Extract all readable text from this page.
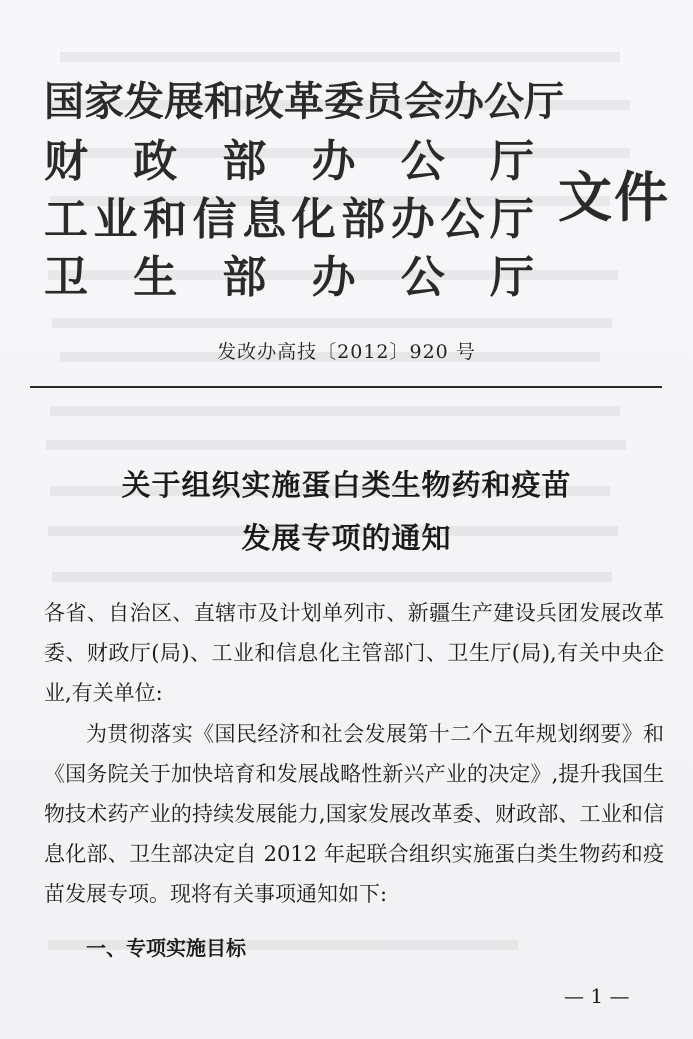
国 家 发 展 和 改 革 委 员 会 办 公 厅
财 政 部 办 公 厅
工 业 和 信 息 化 部 办 公 厅
卫 生 部 办 公 厅
文件
发改办高技〔2012〕920 号
关于组织实施蛋白类生物药和疫苗
发展专项的通知
各省、自治区、直辖市及计划单列市、新疆生产建设兵团发展改革委、财政厅(局)、工业和信息化主管部门、卫生厅(局),有关中央企业,有关单位:
为贯彻落实《国民经济和社会发展第十二个五年规划纲要》和《国务院关于加快培育和发展战略性新兴产业的决定》,提升我国生物技术药产业的持续发展能力,国家发展改革委、财政部、工业和信息化部、卫生部决定自 2012 年起联合组织实施蛋白类生物药和疫苗发展专项。现将有关事项通知如下:
一、专项实施目标
— 1 —
